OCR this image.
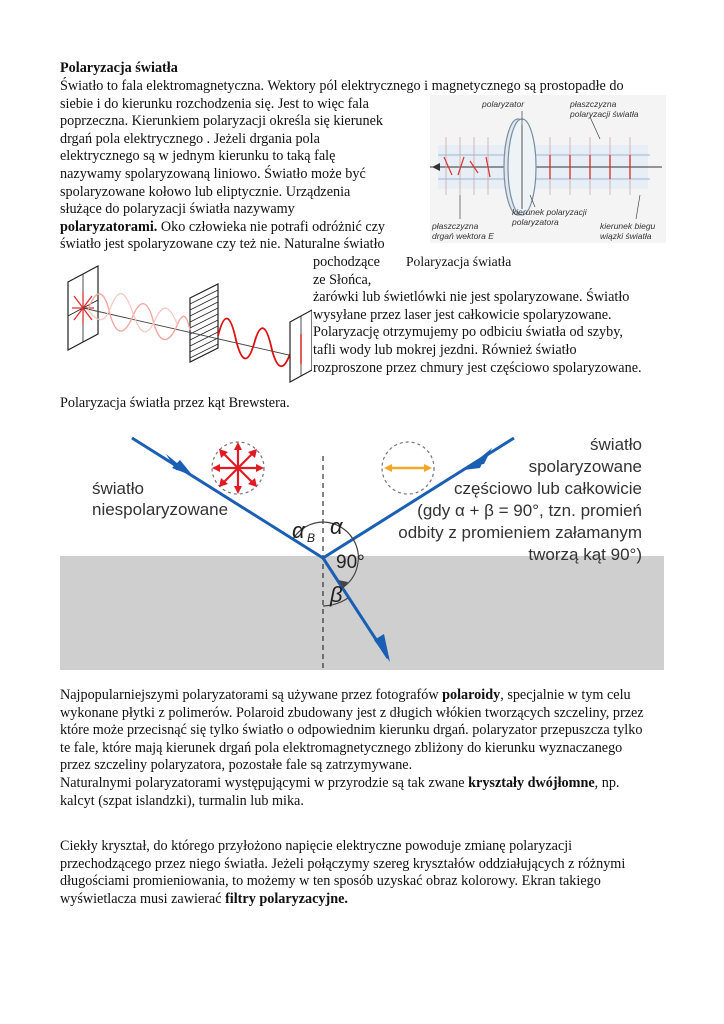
Polaryzacja światła
Światło to fala elektromagnetyczna. Wektory pól elektrycznego i magnetycznego są prostopadłe do
siebie i do kierunku rozchodzenia się. Jest to więc fala
poprzeczna. Kierunkiem polaryzacji określa się kierunek
drgań pola elektrycznego . Jeżeli drgania pola
elektrycznego są w jednym kierunku to taką falę
nazywamy spolaryzowaną liniowo. Światło może być
spolaryzowane kołowo lub eliptycznie. Urządzenia
służące do polaryzacji światła nazywamy
polaryzatorami. Oko człowieka nie potrafi odróżnić czy
światło jest spolaryzowane czy też nie. Naturalne światło
pochodzące
ze Słońca,
żarówki lub świetlówki nie jest spolaryzowane. Światło
wysyłane przez laser jest całkowicie spolaryzowane.
Polaryzację otrzymujemy po odbiciu światła od szyby,
tafli wody lub mokrej jezdni. Również światło
rozproszone przez chmury jest częściowo spolaryzowane.
polaryzator	płaszczyzna
polaryzacji światła
kierunek polaryzacji
polaryzatora
płaszczyzna
drgań wektora E
kierunek biegu
wiązki światła
Polaryzacja światła
Polaryzacja światła przez kąt Brewstera.
α B α
90°
β
światło
niespolaryzowane
światło
spolaryzowane
częściowo lub całkowicie
(gdy α + β = 90°, tzn. promień
odbity z promieniem załamanym
tworzą kąt 90°)
Najpopularniejszymi polaryzatorami są używane przez fotografów polaroidy, specjalnie w tym celu
wykonane płytki z polimerów. Polaroid zbudowany jest z długich włókien tworzących szczeliny, przez
które może przecisnąć się tylko światło o odpowiednim kierunku drgań. polaryzator przepuszcza tylko
te fale, które mają kierunek drgań pola elektromagnetycznego zbliżony do kierunku wyznaczanego
przez szczeliny polaryzatora, pozostałe fale są zatrzymywane.
Naturalnymi polaryzatorami występującymi w przyrodzie są tak zwane kryształy dwójłomne, np.
kalcyt (szpat islandzki), turmalin lub mika.
Ciekły kryształ, do którego przyłożono napięcie elektryczne powoduje zmianę polaryzacji
przechodzącego przez niego światła. Jeżeli połączymy szereg kryształów oddziałujących z różnymi
długościami promieniowania, to możemy w ten sposób uzyskać obraz kolorowy. Ekran takiego
wyświetlacza musi zawierać filtry polaryzacyjne.
